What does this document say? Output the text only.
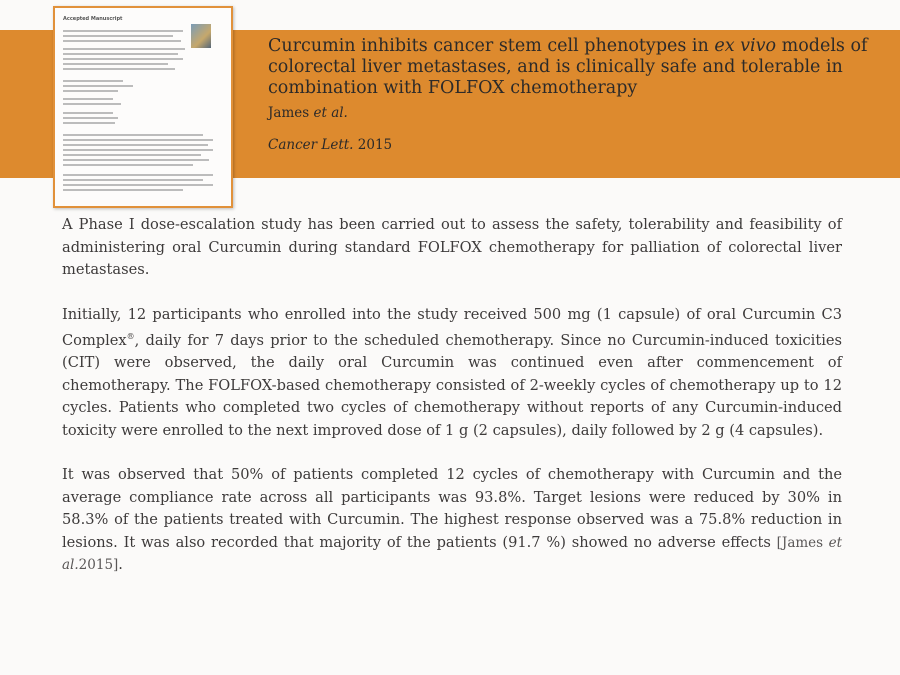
Accepted Manuscript
Curcumin inhibits cancer stem cell phenotypes in ex vivo models of colorectal liver metastases, and is clinically safe and tolerable in combination with FOLFOX chemotherapy
James et al.
Cancer Lett. 2015

A Phase I dose-escalation study has been carried out to assess the safety, tolerability and feasibility of administering oral Curcumin during standard FOLFOX chemotherapy for palliation of colorectal liver metastases.

Initially, 12 participants who enrolled into the study received 500 mg (1 capsule) of oral Curcumin C3 Complex®, daily for 7 days prior to the scheduled chemotherapy. Since no Curcumin-induced toxicities (CIT) were observed, the daily oral Curcumin was continued even after commencement of chemotherapy. The FOLFOX-based chemotherapy consisted of 2-weekly cycles of chemotherapy up to 12 cycles. Patients who completed two cycles of chemotherapy without reports of any Curcumin-induced toxicity were enrolled to the next improved dose of 1 g (2 capsules), daily followed by 2 g (4 capsules).

It was observed that 50% of patients completed 12 cycles of chemotherapy with Curcumin and the average compliance rate across all participants was 93.8%. Target lesions were reduced by 30% in 58.3% of the patients treated with Curcumin. The highest response observed was a 75.8% reduction in lesions. It was also recorded that majority of the patients (91.7 %) showed no adverse effects [James et al.2015].
